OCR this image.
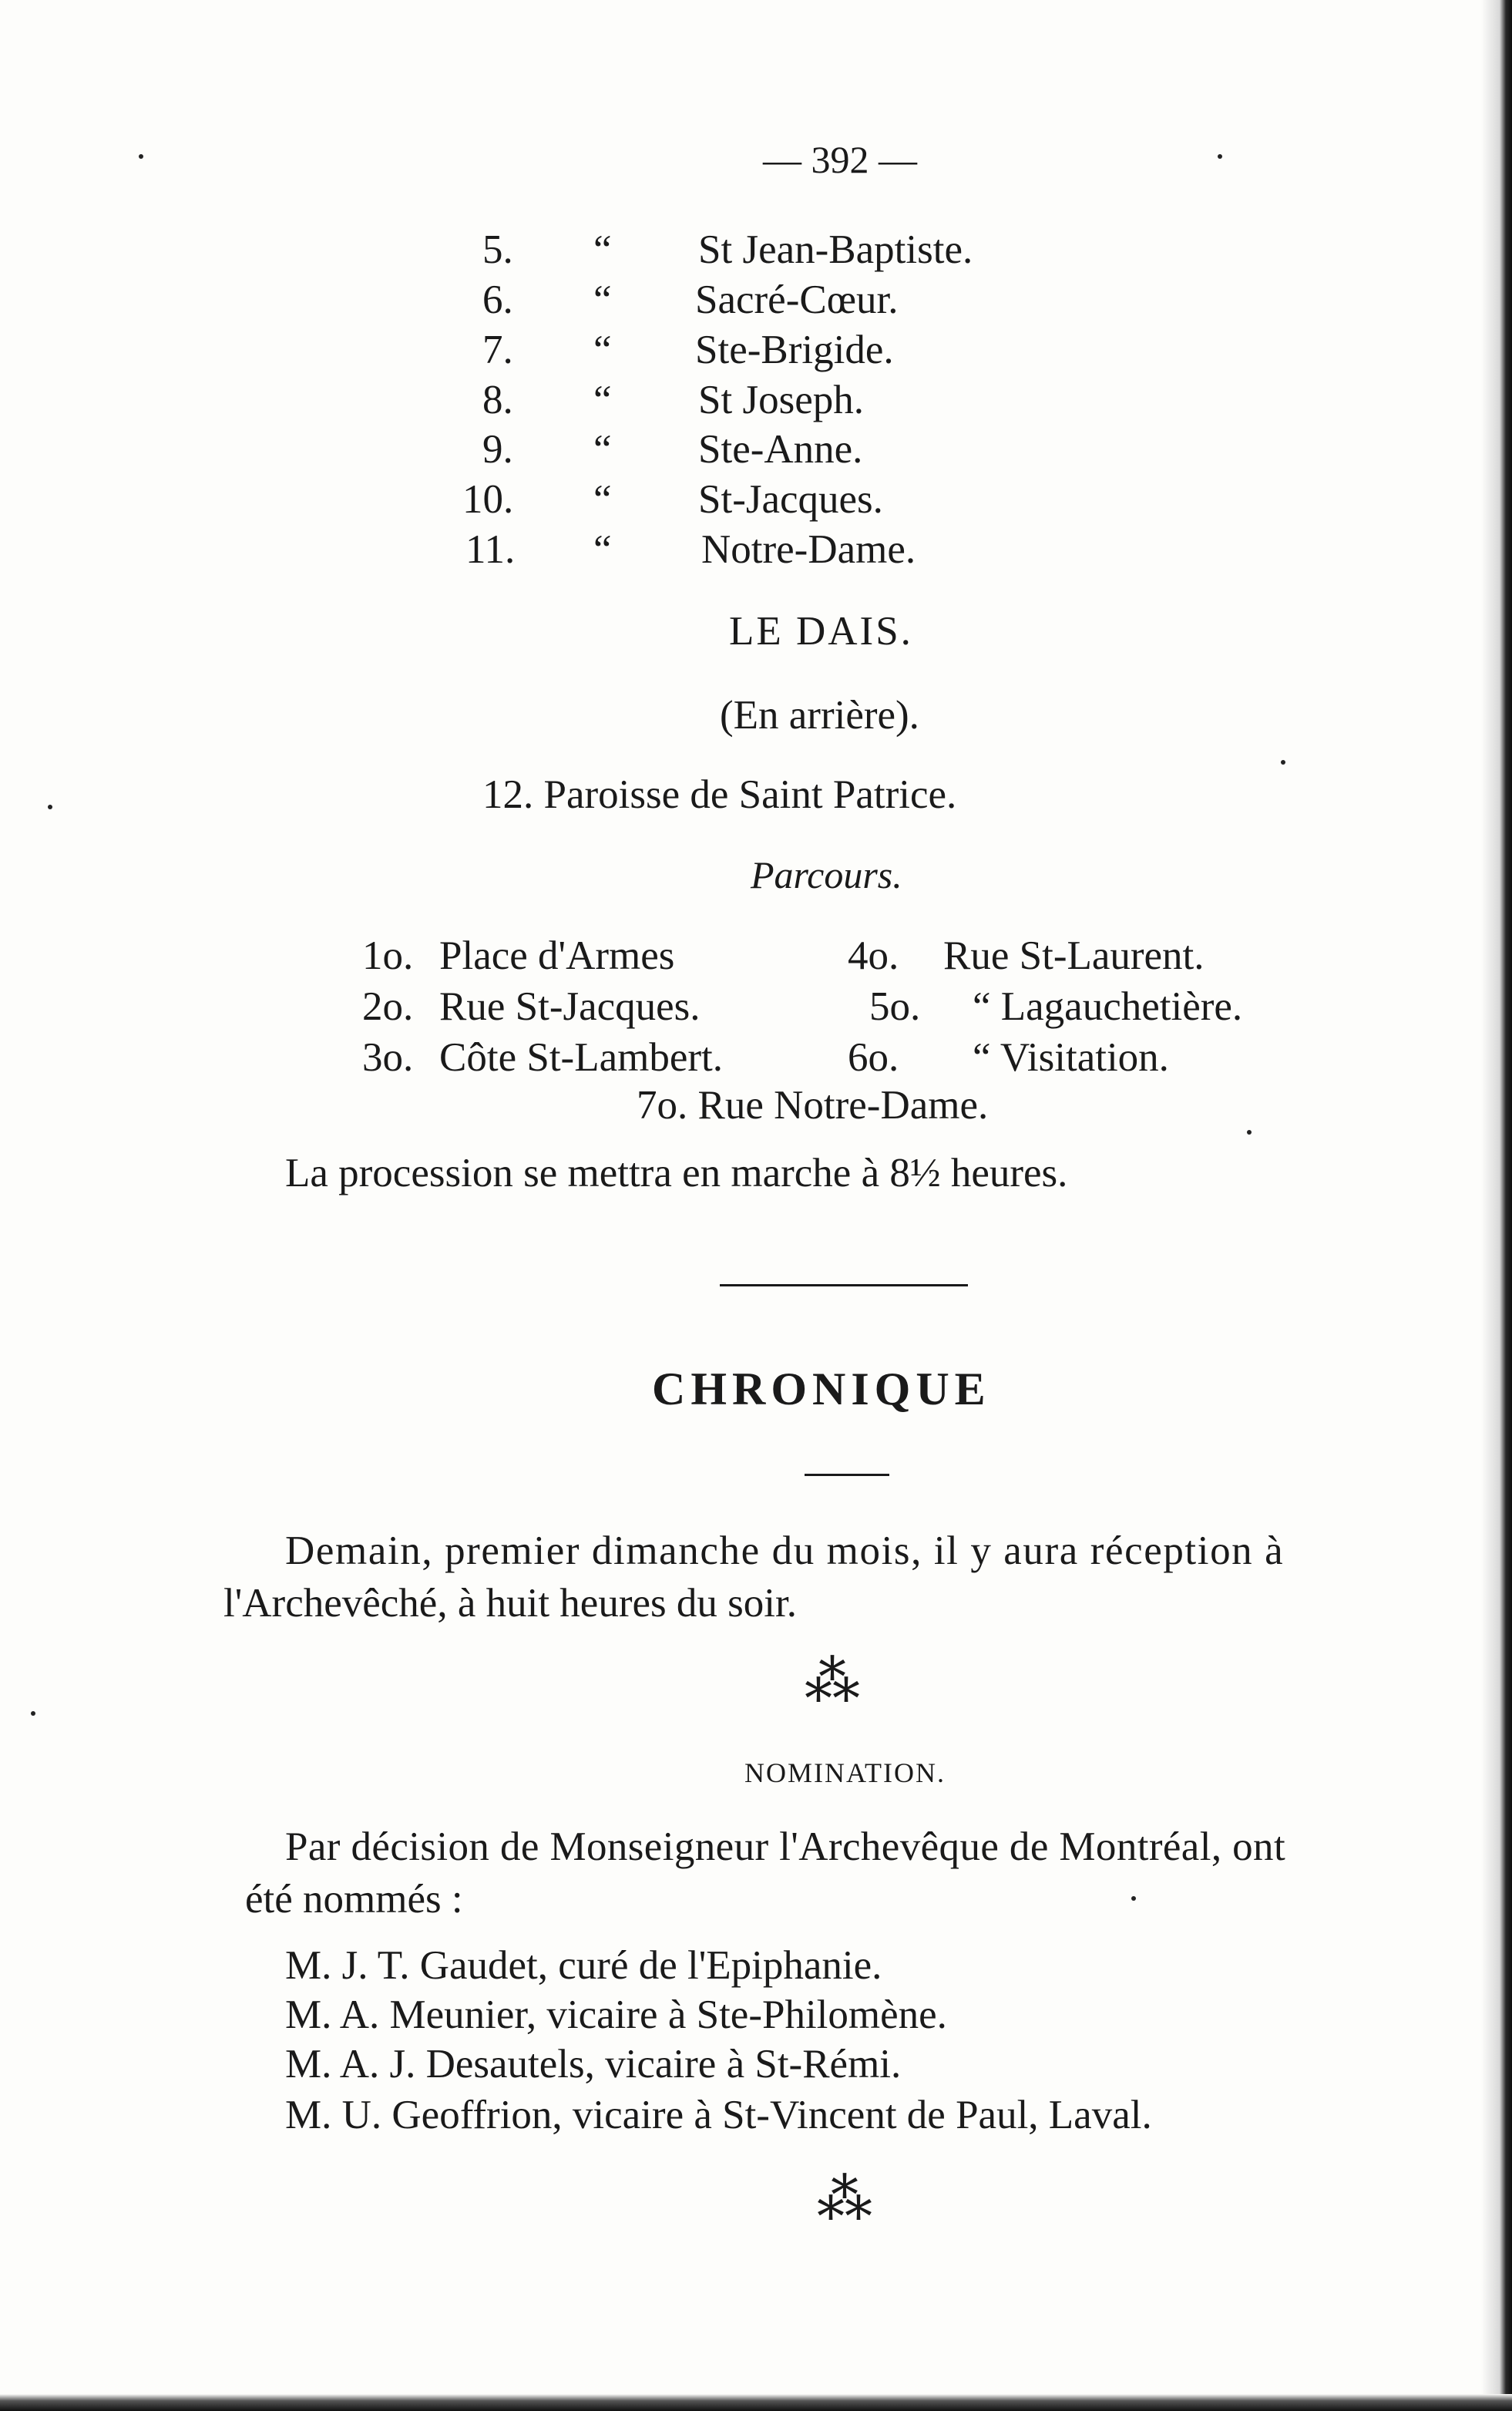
— 392 —
5. “ St Jean-Baptiste.
6. “ Sacré-Cœur.
7. “ Ste-Brigide.
8. “ St Joseph.
9. “ Ste-Anne.
10. “ St-Jacques.
11. “ Notre-Dame.
LE DAIS.
(En arrière).
12. Paroisse de Saint Patrice.
Parcours.
1o. Place d'Armes
2o. Rue St-Jacques.
3o. Côte St-Lambert.
4o. Rue St-Laurent.
5o. “ Lagauchetière.
6o. “ Visitation.
7o. Rue Notre-Dame.
La procession se mettra en marche à 8½ heures.
CHRONIQUE
Demain, premier dimanche du mois, il y aura réception à
l'Archevêché, à huit heures du soir.
⁂
NOMINATION.
Par décision de Monseigneur l'Archevêque de Montréal, ont
été nommés :
M. J. T. Gaudet, curé de l'Epiphanie.
M. A. Meunier, vicaire à Ste-Philomène.
M. A. J. Desautels, vicaire à St-Rémi.
M. U. Geoffrion, vicaire à St-Vincent de Paul, Laval.
⁂
